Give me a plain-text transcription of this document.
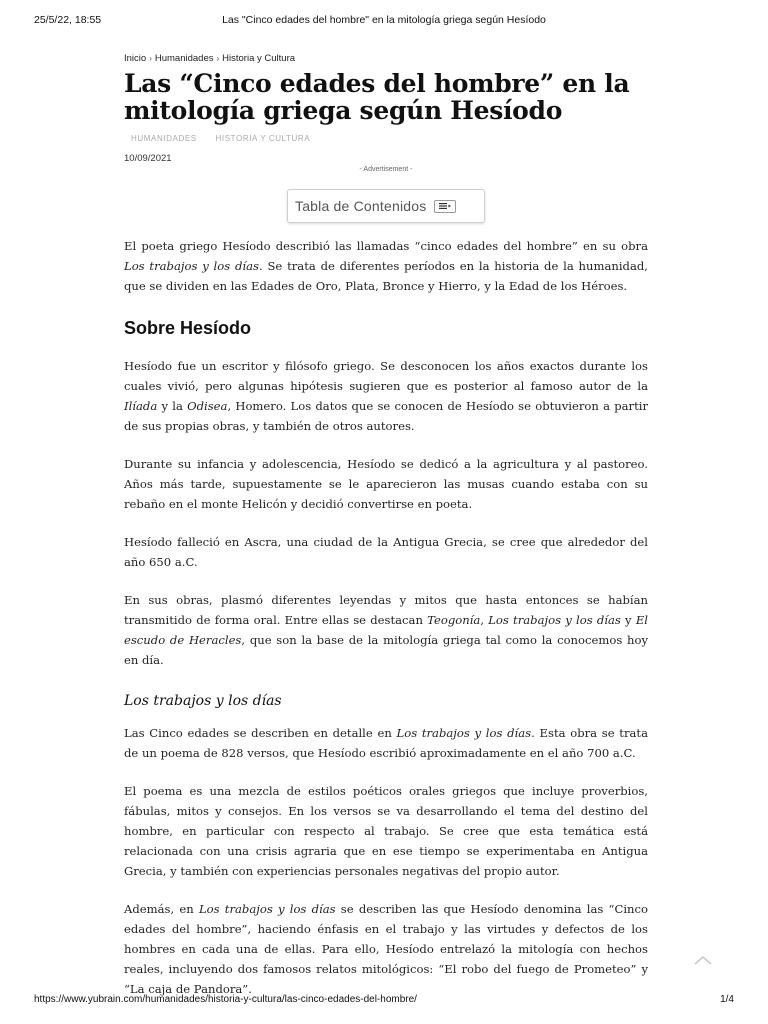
25/5/22, 18:55	Las "Cinco edades del hombre" en la mitología griega según Hesíodo
Inicio › Humanidades › Historia y Cultura
Las “Cinco edades del hombre” en la mitología griega según Hesíodo
HUMANIDADES HISTORIA Y CULTURA
10/09/2021
- Advertisement -
Tabla de Contenidos

El poeta griego Hesíodo describió las llamadas “cinco edades del hombre” en su obra Los trabajos y los días. Se trata de diferentes períodos en la historia de la humanidad, que se dividen en las Edades de Oro, Plata, Bronce y Hierro, y la Edad de los Héroes.

Sobre Hesíodo

Hesíodo fue un escritor y filósofo griego. Se desconocen los años exactos durante los cuales vivió, pero algunas hipótesis sugieren que es posterior al famoso autor de la Ilíada y la Odisea, Homero. Los datos que se conocen de Hesíodo se obtuvieron a partir de sus propias obras, y también de otros autores.

Durante su infancia y adolescencia, Hesíodo se dedicó a la agricultura y al pastoreo. Años más tarde, supuestamente se le aparecieron las musas cuando estaba con su rebaño en el monte Helicón y decidió convertirse en poeta.

Hesíodo falleció en Ascra, una ciudad de la Antigua Grecia, se cree que alrededor del año 650 a.C.

En sus obras, plasmó diferentes leyendas y mitos que hasta entonces se habían transmitido de forma oral. Entre ellas se destacan Teogonía, Los trabajos y los días y El escudo de Heracles, que son la base de la mitología griega tal como la conocemos hoy en día.

Los trabajos y los días

Las Cinco edades se describen en detalle en Los trabajos y los días. Esta obra se trata de un poema de 828 versos, que Hesíodo escribió aproximadamente en el año 700 a.C.

El poema es una mezcla de estilos poéticos orales griegos que incluye proverbios, fábulas, mitos y consejos. En los versos se va desarrollando el tema del destino del hombre, en particular con respecto al trabajo. Se cree que esta temática está relacionada con una crisis agraria que en ese tiempo se experimentaba en Antigua Grecia, y también con experiencias personales negativas del propio autor.

Además, en Los trabajos y los días se describen las que Hesíodo denomina las “Cinco edades del hombre”, haciendo énfasis en el trabajo y las virtudes y defectos de los hombres en cada una de ellas. Para ello, Hesíodo entrelazó la mitología con hechos reales, incluyendo dos famosos relatos mitológicos: “El robo del fuego de Prometeo” y “La caja de Pandora”.

https://www.yubrain.com/humanidades/historia-y-cultura/las-cinco-edades-del-hombre/	1/4
